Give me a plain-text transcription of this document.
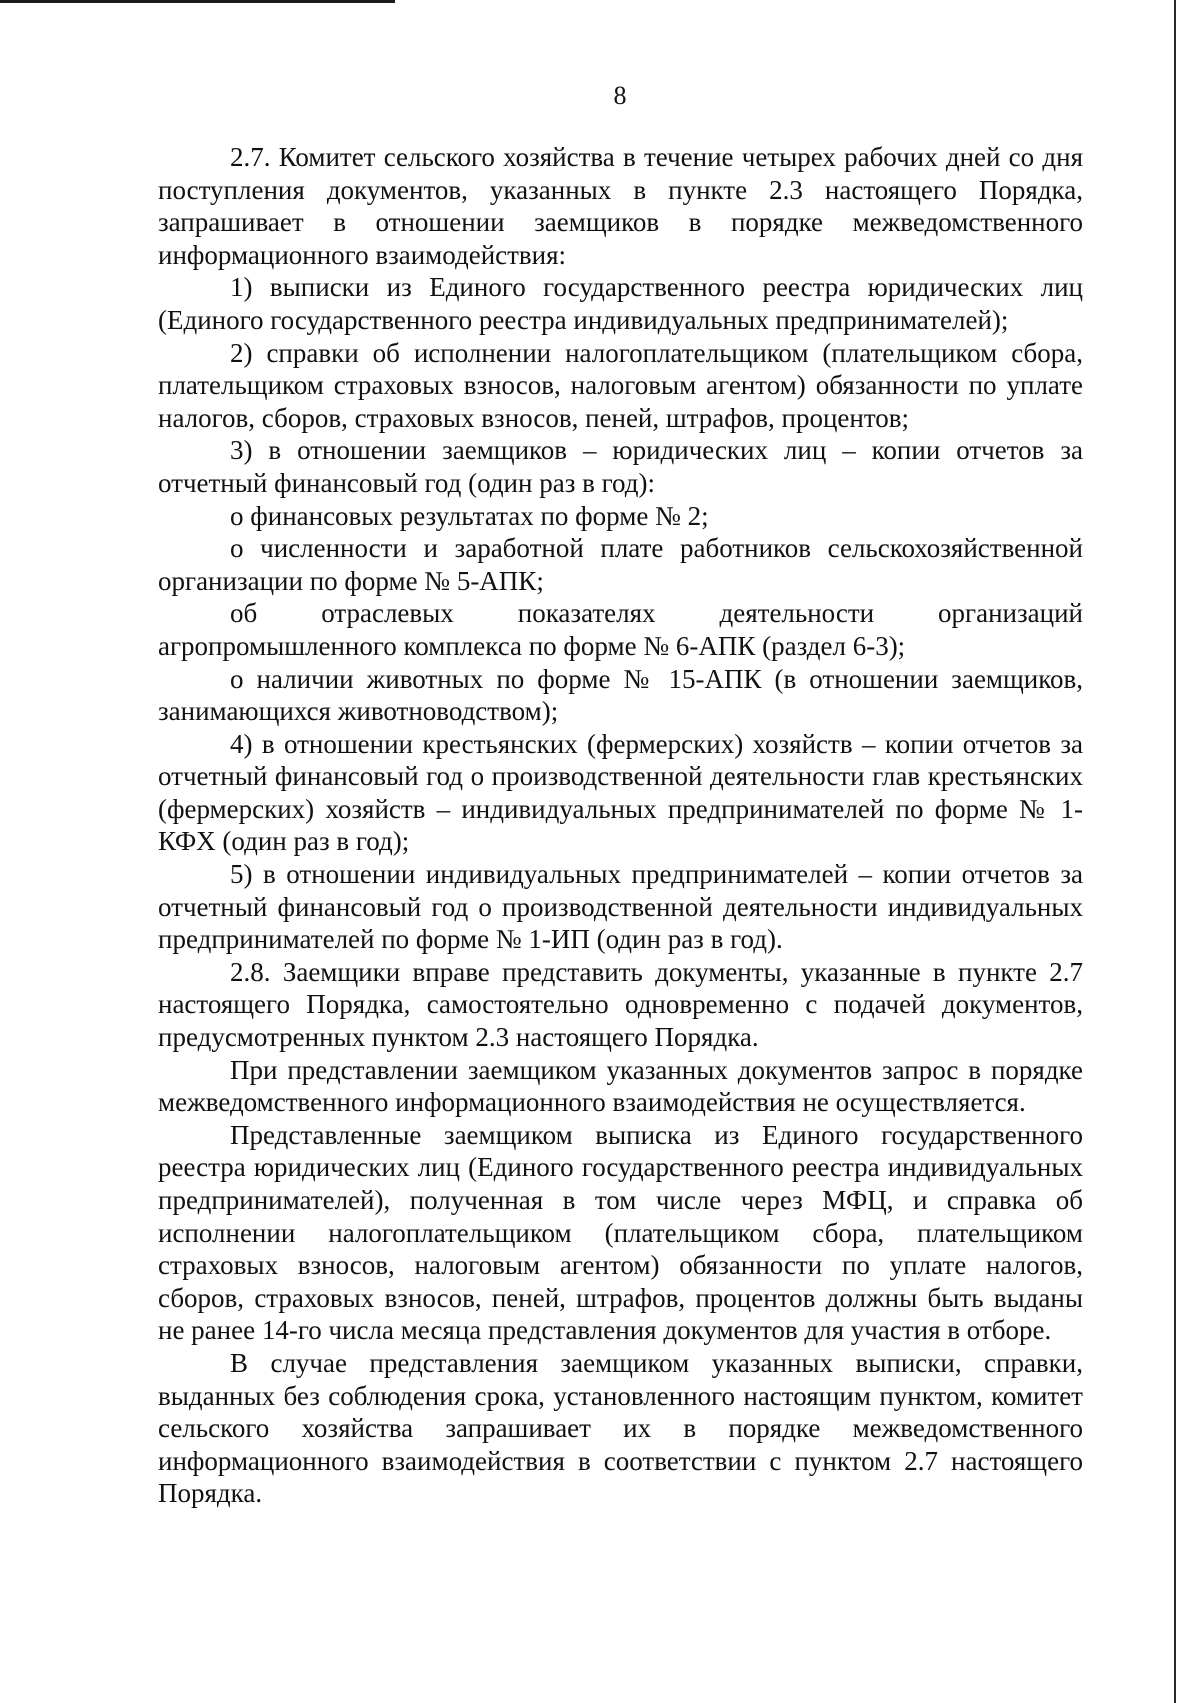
8

2.7. Комитет сельского хозяйства в течение четырех рабочих дней со дня поступления документов, указанных в пункте 2.3 настоящего Порядка, запрашивает в отношении заемщиков в порядке межведомственного информационного взаимодействия:

1) выписки из Единого государственного реестра юридических лиц (Единого государственного реестра индивидуальных предпринимателей);

2) справки об исполнении налогоплательщиком (плательщиком сбора, плательщиком страховых взносов, налоговым агентом) обязанности по уплате налогов, сборов, страховых взносов, пеней, штрафов, процентов;

3) в отношении заемщиков – юридических лиц – копии отчетов за отчетный финансовый год (один раз в год):

о финансовых результатах по форме № 2;

о численности и заработной плате работников сельскохозяйственной организации по форме № 5-АПК;

об отраслевых показателях деятельности организаций агропромышленного комплекса по форме № 6-АПК (раздел 6-3);

о наличии животных по форме № 15-АПК (в отношении заемщиков, занимающихся животноводством);

4) в отношении крестьянских (фермерских) хозяйств – копии отчетов за отчетный финансовый год о производственной деятельности глав крестьянских (фермерских) хозяйств – индивидуальных предпринимателей по форме № 1-КФХ (один раз в год);

5) в отношении индивидуальных предпринимателей – копии отчетов за отчетный финансовый год о производственной деятельности индивидуальных предпринимателей по форме № 1-ИП (один раз в год).

2.8. Заемщики вправе представить документы, указанные в пункте 2.7 настоящего Порядка, самостоятельно одновременно с подачей документов, предусмотренных пунктом 2.3 настоящего Порядка.

При представлении заемщиком указанных документов запрос в порядке межведомственного информационного взаимодействия не осуществляется.

Представленные заемщиком выписка из Единого государственного реестра юридических лиц (Единого государственного реестра индивидуальных предпринимателей), полученная в том числе через МФЦ, и справка об исполнении налогоплательщиком (плательщиком сбора, плательщиком страховых взносов, налоговым агентом) обязанности по уплате налогов, сборов, страховых взносов, пеней, штрафов, процентов должны быть выданы не ранее 14-го числа месяца представления документов для участия в отборе.

В случае представления заемщиком указанных выписки, справки, выданных без соблюдения срока, установленного настоящим пунктом, комитет сельского хозяйства запрашивает их в порядке межведомственного информационного взаимодействия в соответствии с пунктом 2.7 настоящего Порядка.
